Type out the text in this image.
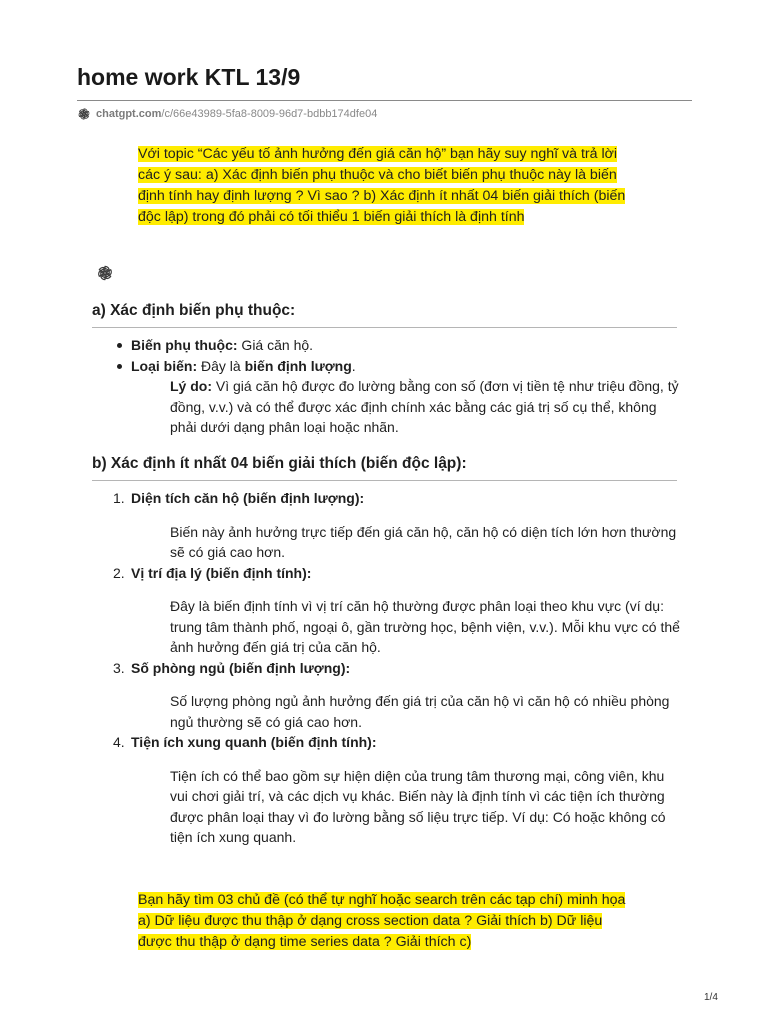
home work KTL 13/9
chatgpt.com/c/66e43989-5fa8-8009-96d7-bdbb174dfe04
Với topic “Các yếu tố ảnh hưởng đến giá căn hộ” bạn hãy suy nghĩ và trả lời các ý sau: a) Xác định biến phụ thuộc và cho biết biến phụ thuộc này là biến định tính hay định lượng ? Vì sao ? b) Xác định ít nhất 04 biến giải thích (biến độc lập) trong đó phải có tối thiểu 1 biến giải thích là định tính
a) Xác định biến phụ thuộc:
Biến phụ thuộc: Giá căn hộ.
Loại biến: Đây là biến định lượng.
Lý do: Vì giá căn hộ được đo lường bằng con số (đơn vị tiền tệ như triệu đồng, tỷ đồng, v.v.) và có thể được xác định chính xác bằng các giá trị số cụ thể, không phải dưới dạng phân loại hoặc nhãn.
b) Xác định ít nhất 04 biến giải thích (biến độc lập):
1. Diện tích căn hộ (biến định lượng):
Biến này ảnh hưởng trực tiếp đến giá căn hộ, căn hộ có diện tích lớn hơn thường sẽ có giá cao hơn.
2. Vị trí địa lý (biến định tính):
Đây là biến định tính vì vị trí căn hộ thường được phân loại theo khu vực (ví dụ: trung tâm thành phố, ngoại ô, gần trường học, bệnh viện, v.v.). Mỗi khu vực có thể ảnh hưởng đến giá trị của căn hộ.
3. Số phòng ngủ (biến định lượng):
Số lượng phòng ngủ ảnh hưởng đến giá trị của căn hộ vì căn hộ có nhiều phòng ngủ thường sẽ có giá cao hơn.
4. Tiện ích xung quanh (biến định tính):
Tiện ích có thể bao gồm sự hiện diện của trung tâm thương mại, công viên, khu vui chơi giải trí, và các dịch vụ khác. Biến này là định tính vì các tiện ích thường được phân loại thay vì đo lường bằng số liệu trực tiếp. Ví dụ: Có hoặc không có tiện ích xung quanh.
Bạn hãy tìm 03 chủ đề (có thể tự nghĩ hoặc search trên các tạp chí) minh họa a) Dữ liệu được thu thập ở dạng cross section data ? Giải thích b) Dữ liệu được thu thập ở dạng time series data ? Giải thích c)
1/4
